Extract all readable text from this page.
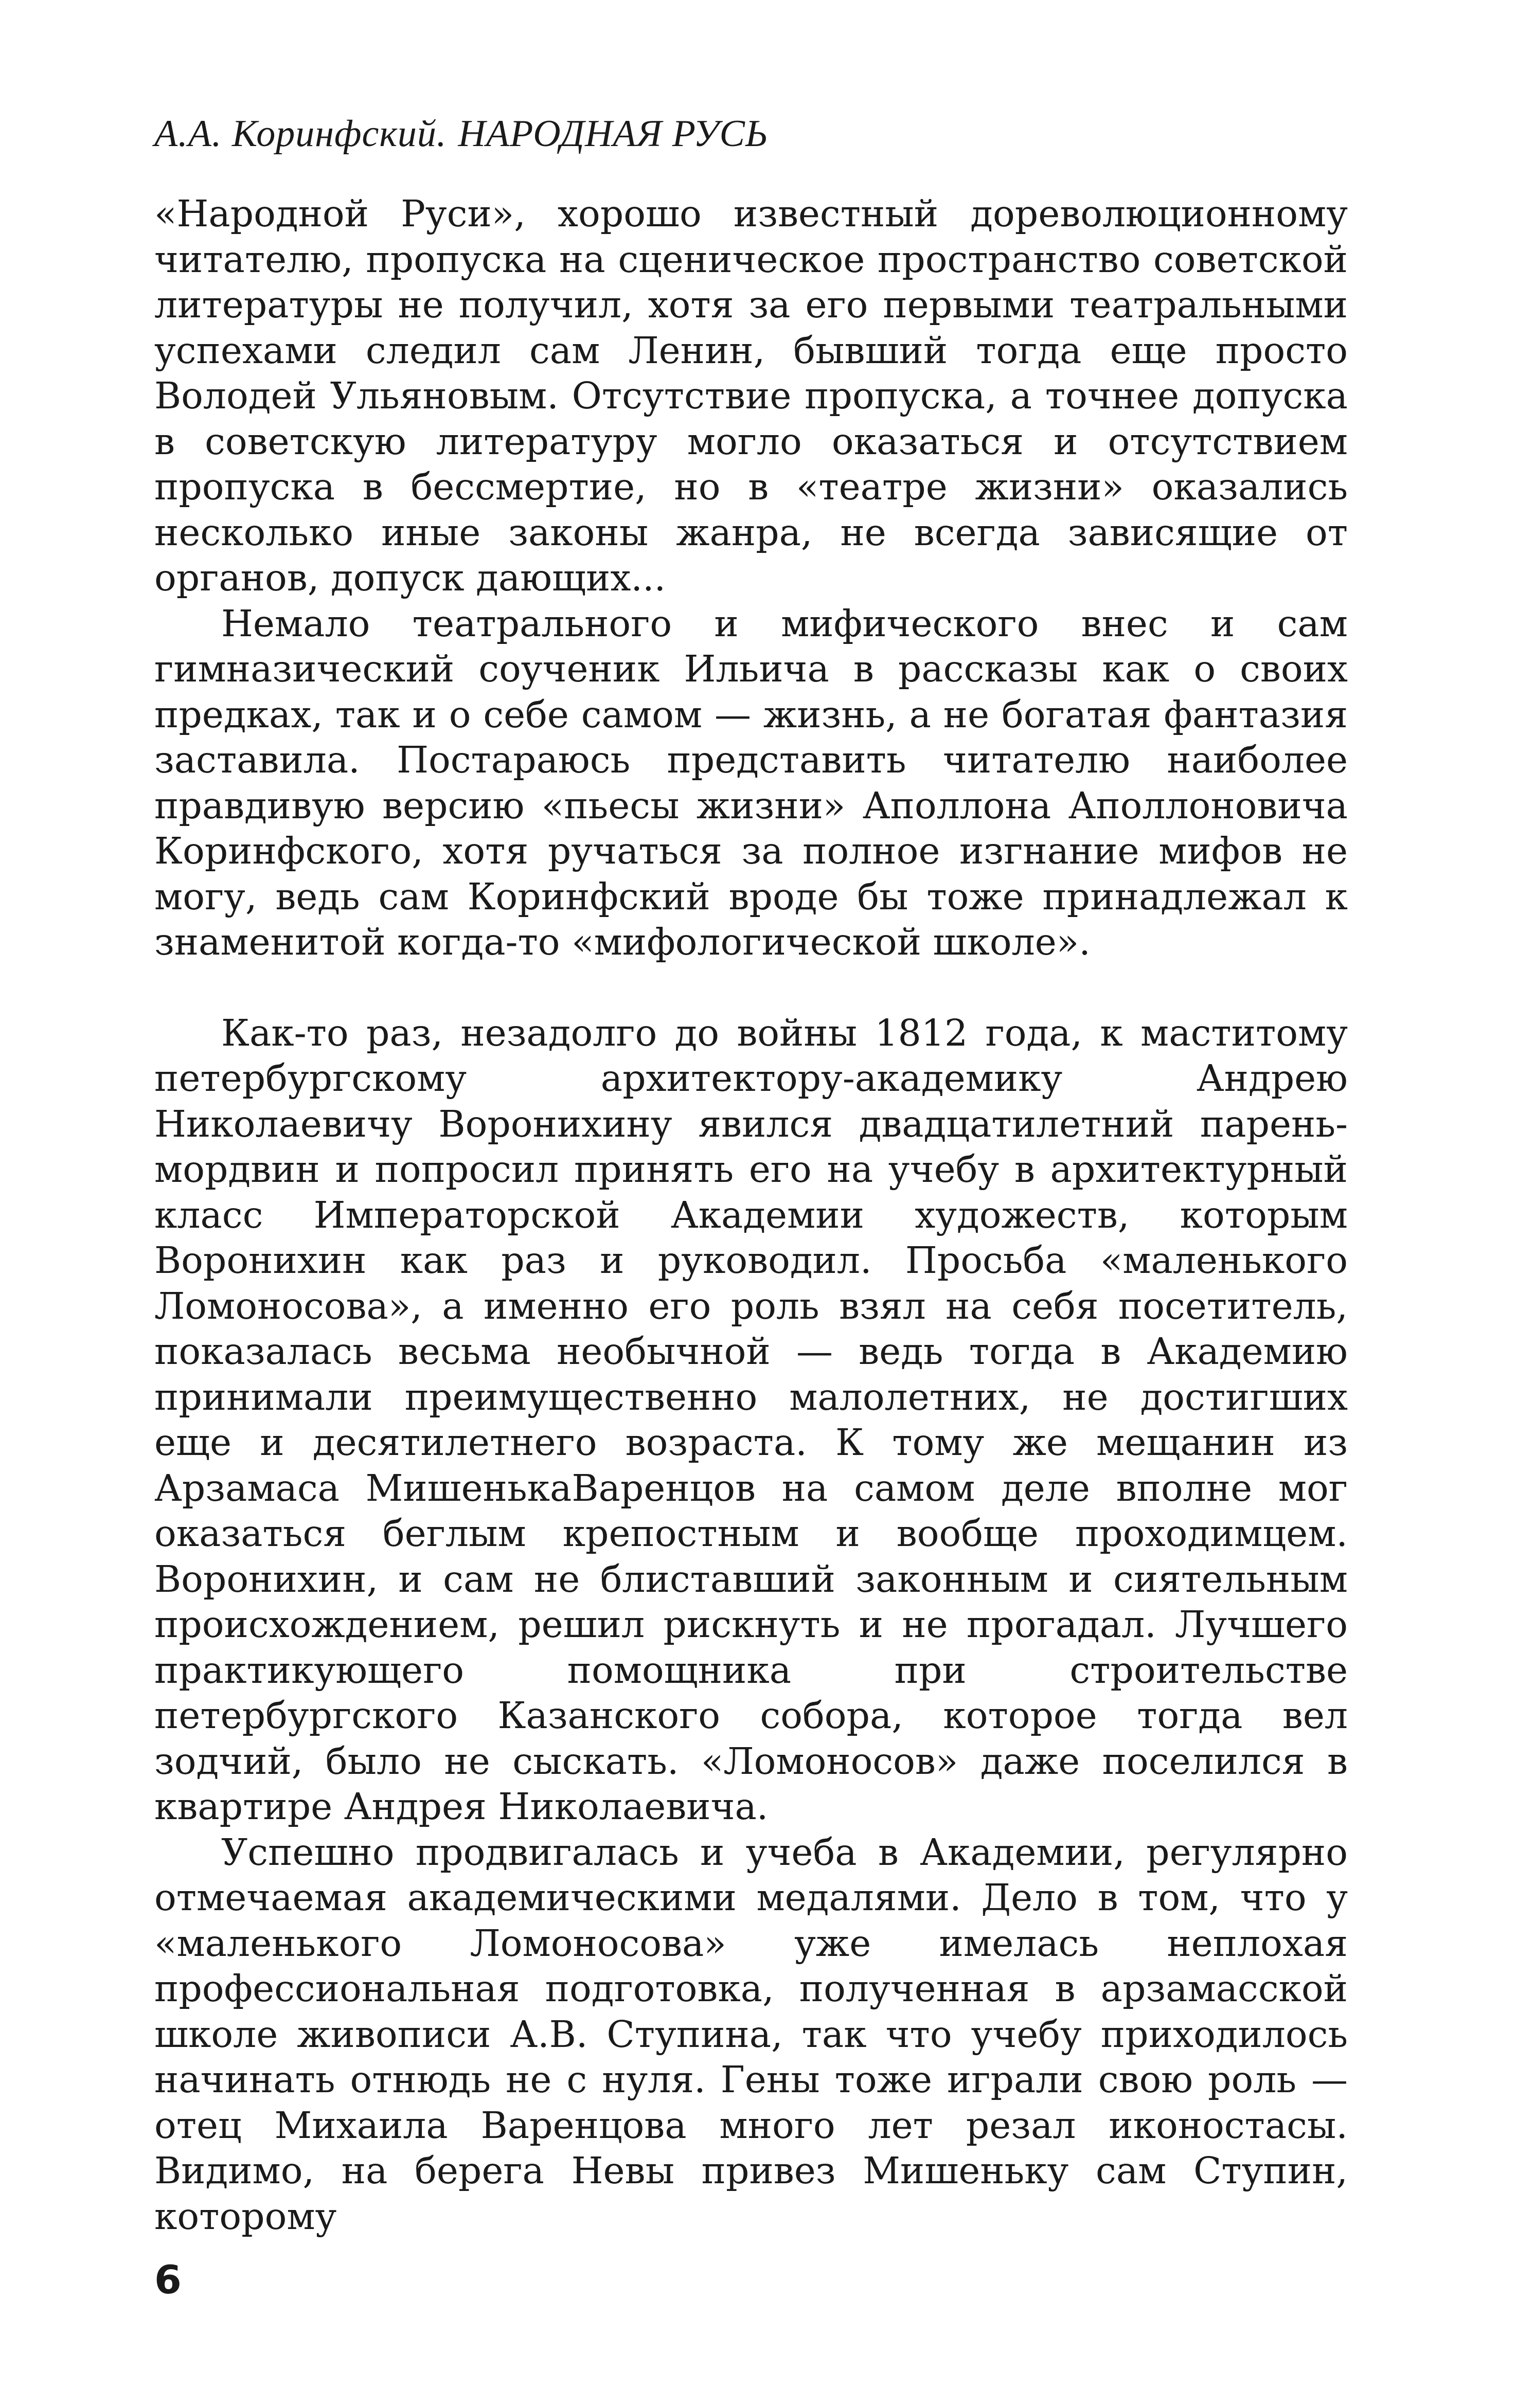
А.А. Коринфский. НАРОДНАЯ РУСЬ

«Народной Руси», хорошо известный дореволюционному читателю, пропуска на сценическое пространство советской литературы не получил, хотя за его первыми театральными успехами следил сам Ленин, бывший тогда еще просто Володей Ульяновым. Отсутствие пропуска, а точнее допуска в советскую литературу могло оказаться и отсутствием пропуска в бессмертие, но в «театре жизни» оказались несколько иные законы жанра, не всегда зависящие от органов, допуск дающих...

Немало театрального и мифического внес и сам гимназический соученик Ильича в рассказы как о своих предках, так и о себе самом — жизнь, а не богатая фантазия заставила. Постараюсь представить читателю наиболее правдивую версию «пьесы жизни» Аполлона Аполлоновича Коринфского, хотя ручаться за полное изгнание мифов не могу, ведь сам Коринфский вроде бы тоже принадлежал к знаменитой когда-то «мифологической школе».

Как-то раз, незадолго до войны 1812 года, к маститому петербургскому архитектору-академику Андрею Николаевичу Воронихину явился двадцатилетний парень-мордвин и попросил принять его на учебу в архитектурный класс Императорской Академии художеств, которым Воронихин как раз и руководил. Просьба «маленького Ломоносова», а именно его роль взял на себя посетитель, показалась весьма необычной — ведь тогда в Академию принимали преимущественно малолетних, не достигших еще и десятилетнего возраста. К тому же мещанин из Арзамаса МишенькаВаренцов на самом деле вполне мог оказаться беглым крепостным и вообще проходимцем. Воронихин, и сам не блиставший законным и сиятельным происхождением, решил рискнуть и не прогадал. Лучшего практикующего помощника при строительстве петербургского Казанского собора, которое тогда вел зодчий, было не сыскать. «Ломоносов» даже поселился в квартире Андрея Николаевича.

Успешно продвигалась и учеба в Академии, регулярно отмечаемая академическими медалями. Дело в том, что у «маленького Ломоносова» уже имелась неплохая профессиональная подготовка, полученная в арзамасской школе живописи А.В. Ступина, так что учебу приходилось начинать отнюдь не с нуля. Гены тоже играли свою роль — отец Михаила Варенцова много лет резал иконостасы. Видимо, на берега Невы привез Мишеньку сам Ступин, которому

6
